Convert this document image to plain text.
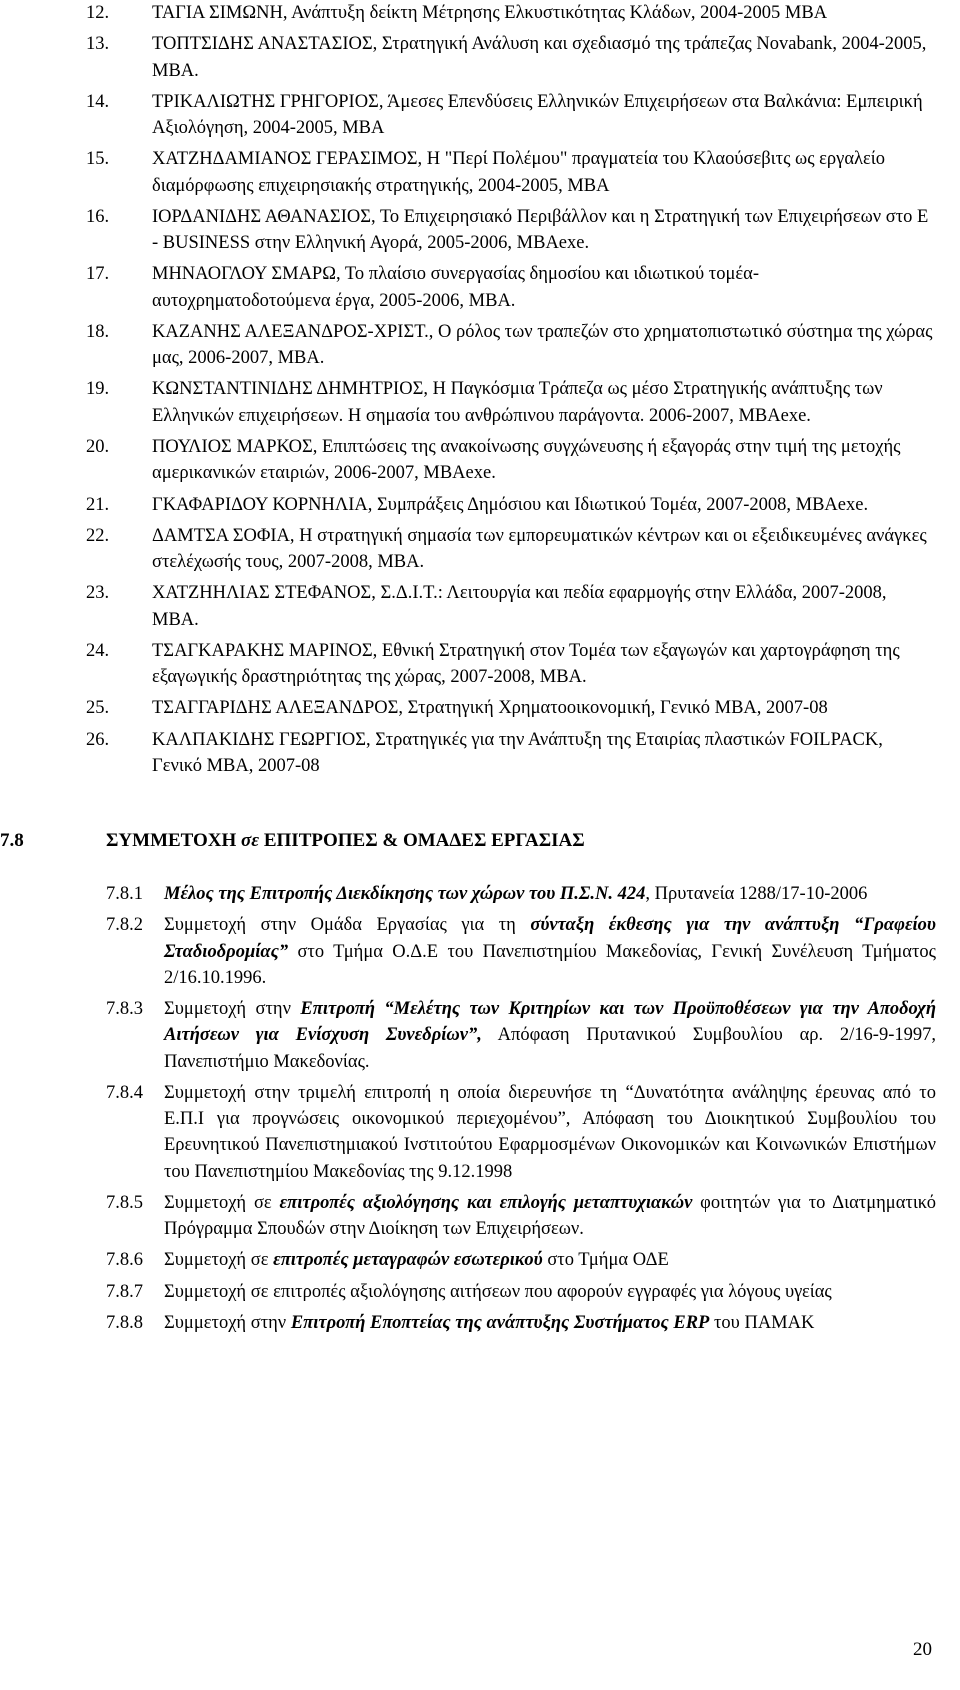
12.	ΤΑΓΙΑ ΣΙΜΩΝΗ, Ανάπτυξη δείκτη Μέτρησης Ελκυστικότητας Κλάδων, 2004-2005 ΜΒΑ
13.	ΤΟΠΤΣΙΔΗΣ ΑΝΑΣΤΑΣΙΟΣ, Στρατηγική Ανάλυση και σχεδιασμό της τράπεζας Novabank, 2004-2005, ΜΒΑ.
14.	ΤΡΙΚΑΛΙΩΤΗΣ ΓΡΗΓΟΡΙΟΣ, Άμεσες Επενδύσεις Ελληνικών Επιχειρήσεων στα Βαλκάνια: Εμπειρική Αξιολόγηση, 2004-2005, ΜΒΑ
15.	ΧΑΤΖΗΔΑΜΙΑΝΟΣ ΓΕΡΑΣΙΜΟΣ, Η "Περί Πολέμου" πραγματεία του Κλαούσεβιτς ως εργαλείο διαμόρφωσης επιχειρησιακής στρατηγικής, 2004-2005, ΜΒΑ
16.	ΙΟΡΔΑΝΙΔΗΣ ΑΘΑΝΑΣΙΟΣ, Το Επιχειρησιακό Περιβάλλον και η Στρατηγική των Επιχειρήσεων στο E - BUSINESS στην Ελληνική Αγορά, 2005-2006, ΜΒΑexe.
17.	ΜΗΝΑΟΓΛΟΥ ΣΜΑΡΩ, Το πλαίσιο συνεργασίας δημοσίου και ιδιωτικού τομέα-αυτοχρηματοδοτούμενα έργα, 2005-2006, ΜΒΑ.
18.	ΚΑΖΑΝΗΣ ΑΛΕΞΑΝΔΡΟΣ-ΧΡΙΣΤ., Ο ρόλος των τραπεζών στο χρηματοπιστωτικό σύστημα της χώρας μας, 2006-2007, ΜΒΑ.
19.	ΚΩΝΣΤΑΝΤΙΝΙΔΗΣ ΔΗΜΗΤΡΙΟΣ, Η Παγκόσμια Τράπεζα ως μέσο Στρατηγικής ανάπτυξης των Ελληνικών επιχειρήσεων. Η σημασία του ανθρώπινου παράγοντα. 2006-2007, ΜΒΑexe.
20.	ΠΟΥΛΙΟΣ ΜΑΡΚΟΣ, Επιπτώσεις της ανακοίνωσης συγχώνευσης ή εξαγοράς στην τιμή της μετοχής αμερικανικών εταιριών, 2006-2007, ΜΒΑexe.
21.	ΓΚΑΦΑΡΙΔΟΥ ΚΟΡΝΗΛΙΑ, Συμπράξεις Δημόσιου και Ιδιωτικού Τομέα, 2007-2008, ΜΒΑexe.
22.	ΔΑΜΤΣΑ ΣΟΦΙΑ, Η στρατηγική σημασία των εμπορευματικών κέντρων και οι εξειδικευμένες ανάγκες στελέχωσής τους, 2007-2008, ΜΒΑ.
23.	ΧΑΤΖΗΗΛΙΑΣ ΣΤΕΦΑΝΟΣ, Σ.Δ.Ι.Τ.: Λειτουργία και πεδία εφαρμογής στην Ελλάδα, 2007-2008, ΜΒΑ.
24.	ΤΣΑΓΚΑΡΑΚΗΣ ΜΑΡΙΝΟΣ, Εθνική Στρατηγική στον Τομέα των εξαγωγών και χαρτογράφηση της εξαγωγικής δραστηριότητας της χώρας, 2007-2008, ΜΒΑ.
25.	ΤΣΑΓΓΑΡΙΔΗΣ ΑΛΕΞΑΝΔΡΟΣ, Στρατηγική Χρηματοοικονομική, Γενικό ΜΒΑ, 2007-08
26.	ΚΑΛΠΑΚΙΔΗΣ ΓΕΩΡΓΙΟΣ, Στρατηγικές για την Ανάπτυξη της Εταιρίας πλαστικών FOILPACK, Γενικό ΜΒΑ, 2007-08
7.8	ΣΥΜΜΕΤΟΧΗ σε ΕΠΙΤΡΟΠΕΣ & ΟΜΑΔΕΣ ΕΡΓΑΣΙΑΣ
7.8.1	Μέλος της Επιτροπής Διεκδίκησης των χώρων του Π.Σ.Ν. 424, Πρυτανεία 1288/17-10-2006
7.8.2	Συμμετοχή στην Ομάδα Εργασίας για τη σύνταξη έκθεσης για την ανάπτυξη “Γραφείου Σταδιοδρομίας” στο Τμήμα Ο.Δ.Ε του Πανεπιστημίου Μακεδονίας, Γενική Συνέλευση Τμήματος 2/16.10.1996.
7.8.3	Συμμετοχή στην Επιτροπή “Μελέτης των Κριτηρίων και των Προϋποθέσεων για την Αποδοχή Αιτήσεων για Ενίσχυση Συνεδρίων”, Απόφαση Πρυτανικού Συμβουλίου αρ. 2/16-9-1997, Πανεπιστήμιο Μακεδονίας.
7.8.4	Συμμετοχή στην τριμελή επιτροπή η οποία διερευνήσε τη “Δυνατότητα ανάληψης έρευνας από το Ε.Π.Ι για προγνώσεις οικονομικού περιεχομένου”, Απόφαση του Διοικητικού Συμβουλίου του Ερευνητικού Πανεπιστημιακού Ινστιτούτου Εφαρμοσμένων Οικονομικών και Κοινωνικών Επιστήμων του Πανεπιστημίου Μακεδονίας της 9.12.1998
7.8.5	Συμμετοχή σε επιτροπές αξιολόγησης και επιλογής μεταπτυχιακών φοιτητών για το Διατμηματικό Πρόγραμμα Σπουδών στην Διοίκηση των Επιχειρήσεων.
7.8.6	Συμμετοχή σε επιτροπές μεταγραφών εσωτερικού στο Τμήμα ΟΔΕ
7.8.7	Συμμετοχή σε επιτροπές αξιολόγησης αιτήσεων που αφορούν εγγραφές για λόγους υγείας
7.8.8	Συμμετοχή στην Επιτροπή Εποπτείας της ανάπτυξης Συστήματος ERP του ΠΑΜΑΚ
20
